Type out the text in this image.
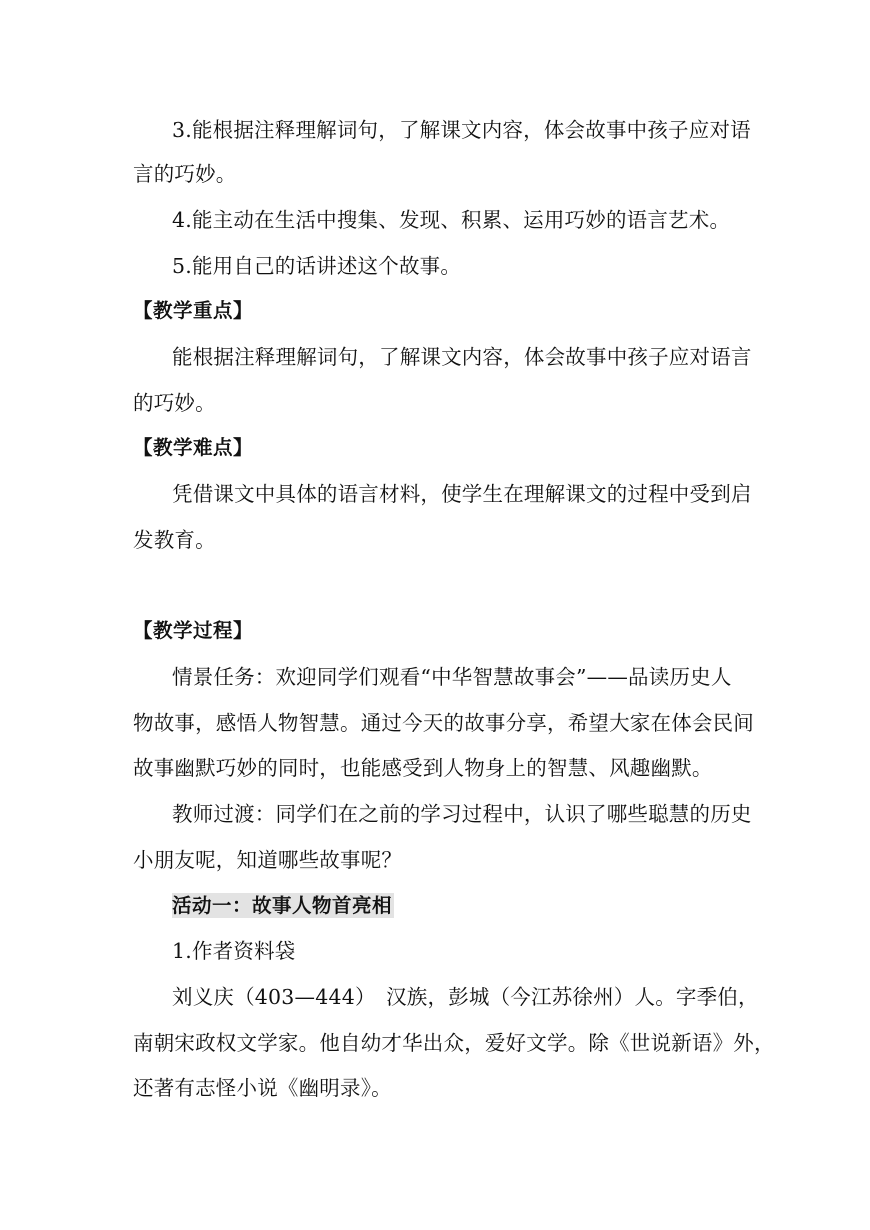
3.能根据注释理解词句，了解课文内容，体会故事中孩子应对语
言的巧妙。
4.能主动在生活中搜集、发现、积累、运用巧妙的语言艺术。
5.能用自己的话讲述这个故事。
【教学重点】
能根据注释理解词句，了解课文内容，体会故事中孩子应对语言
的巧妙。
【教学难点】
凭借课文中具体的语言材料，使学生在理解课文的过程中受到启
发教育。
【教学过程】
情景任务：欢迎同学们观看“中华智慧故事会”——品读历史人
物故事，感悟人物智慧。通过今天的故事分享，希望大家在体会民间
故事幽默巧妙的同时，也能感受到人物身上的智慧、风趣幽默。
教师过渡：同学们在之前的学习过程中，认识了哪些聪慧的历史
小朋友呢，知道哪些故事呢？
活动一：故事人物首亮相
1.作者资料袋
刘义庆（403—444）　汉族，彭城（今江苏徐州）人。字季伯，
南朝宋政权文学家。他自幼才华出众，爱好文学。除《世说新语》外，
还著有志怪小说《幽明录》。
